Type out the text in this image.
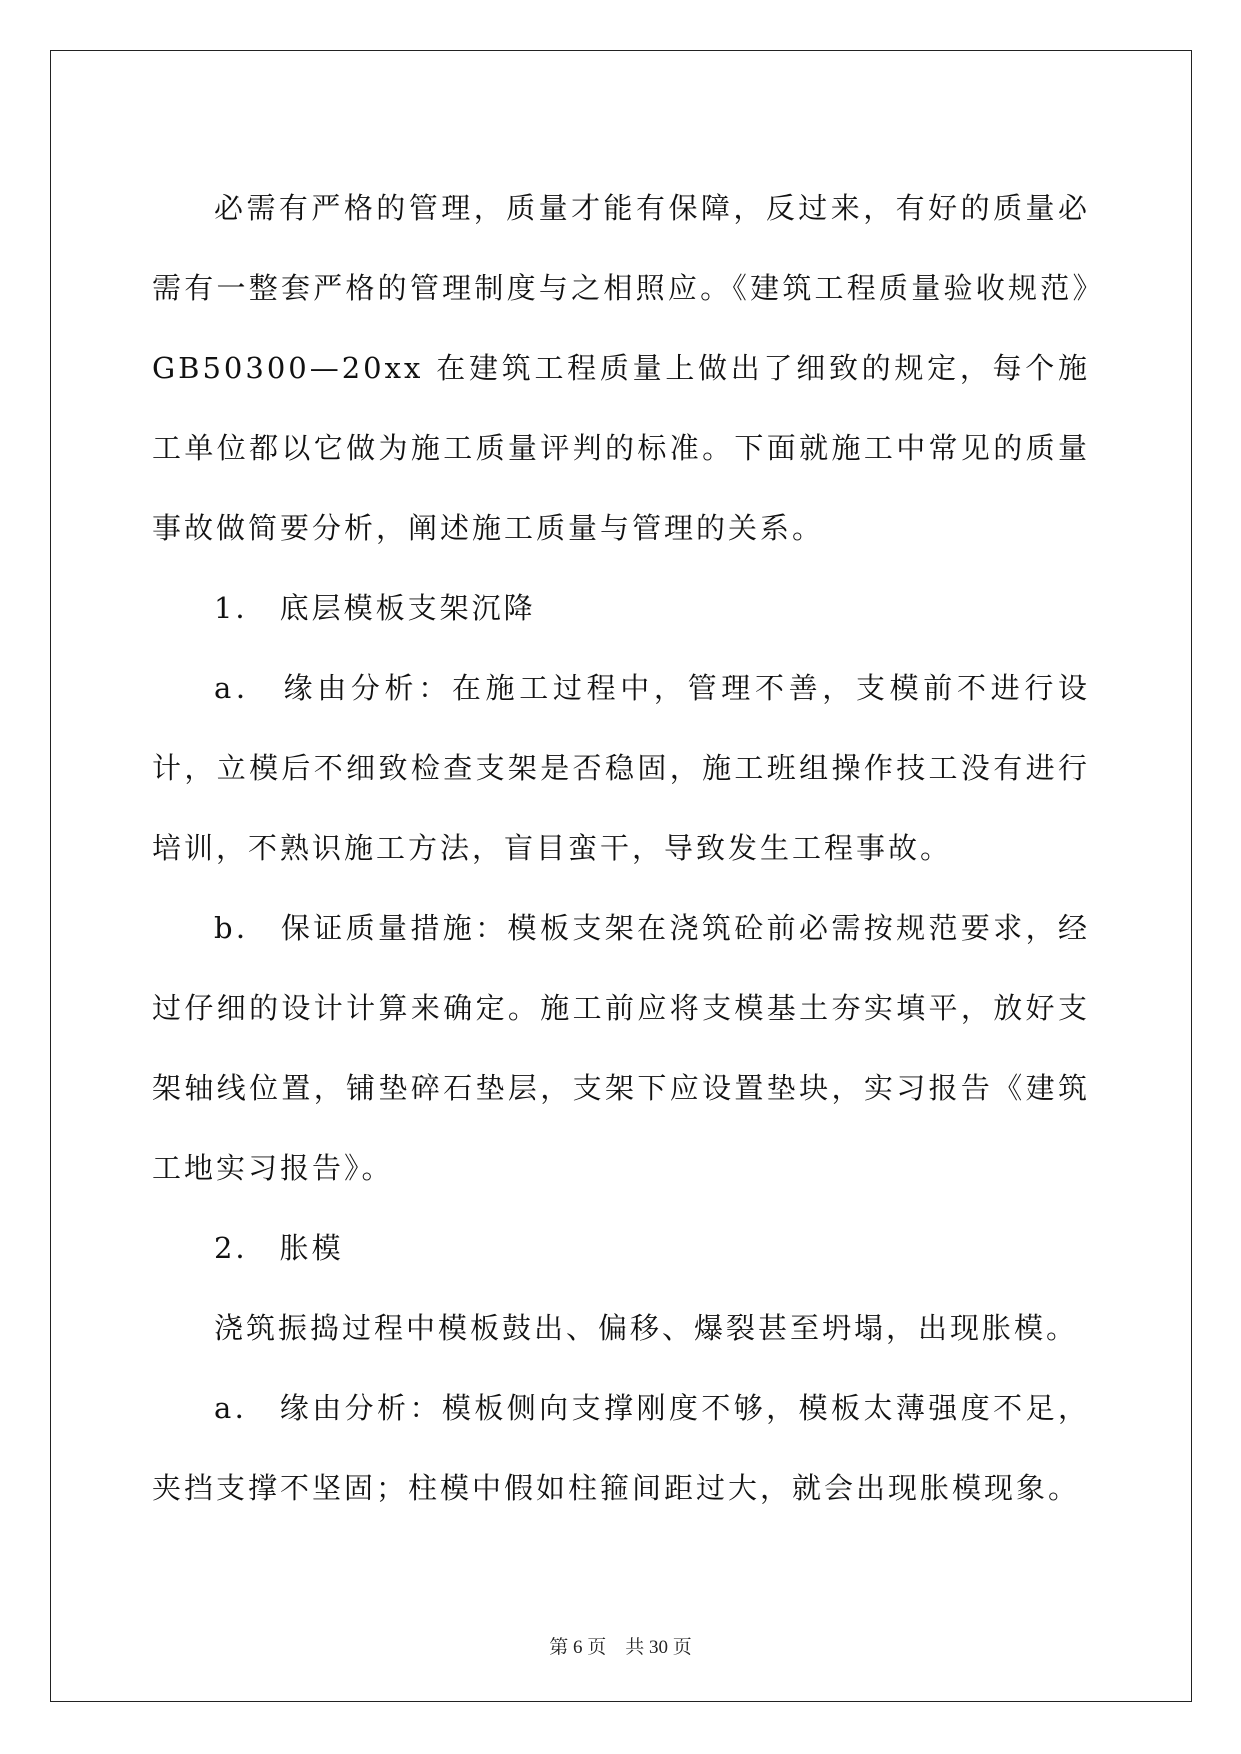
必需有严格的管理，质量才能有保障，反过来，有好的质量必需有一整套严格的管理制度与之相照应。《建筑工程质量验收规范》GB50300—20xx 在建筑工程质量上做出了细致的规定，每个施工单位都以它做为施工质量评判的标准。下面就施工中常见的质量事故做简要分析，阐述施工质量与管理的关系。

1． 底层模板支架沉降

a． 缘由分析：在施工过程中，管理不善，支模前不进行设计，立模后不细致检查支架是否稳固，施工班组操作技工没有进行培训，不熟识施工方法，盲目蛮干，导致发生工程事故。

b． 保证质量措施：模板支架在浇筑砼前必需按规范要求，经过仔细的设计计算来确定。施工前应将支模基土夯实填平，放好支架轴线位置，铺垫碎石垫层，支架下应设置垫块，实习报告《建筑工地实习报告》。

2． 胀模

浇筑振捣过程中模板鼓出、偏移、爆裂甚至坍塌，出现胀模。

a． 缘由分析：模板侧向支撑刚度不够，模板太薄强度不足，夹挡支撑不坚固；柱模中假如柱箍间距过大，就会出现胀模现象。

第 6 页　共 30 页
